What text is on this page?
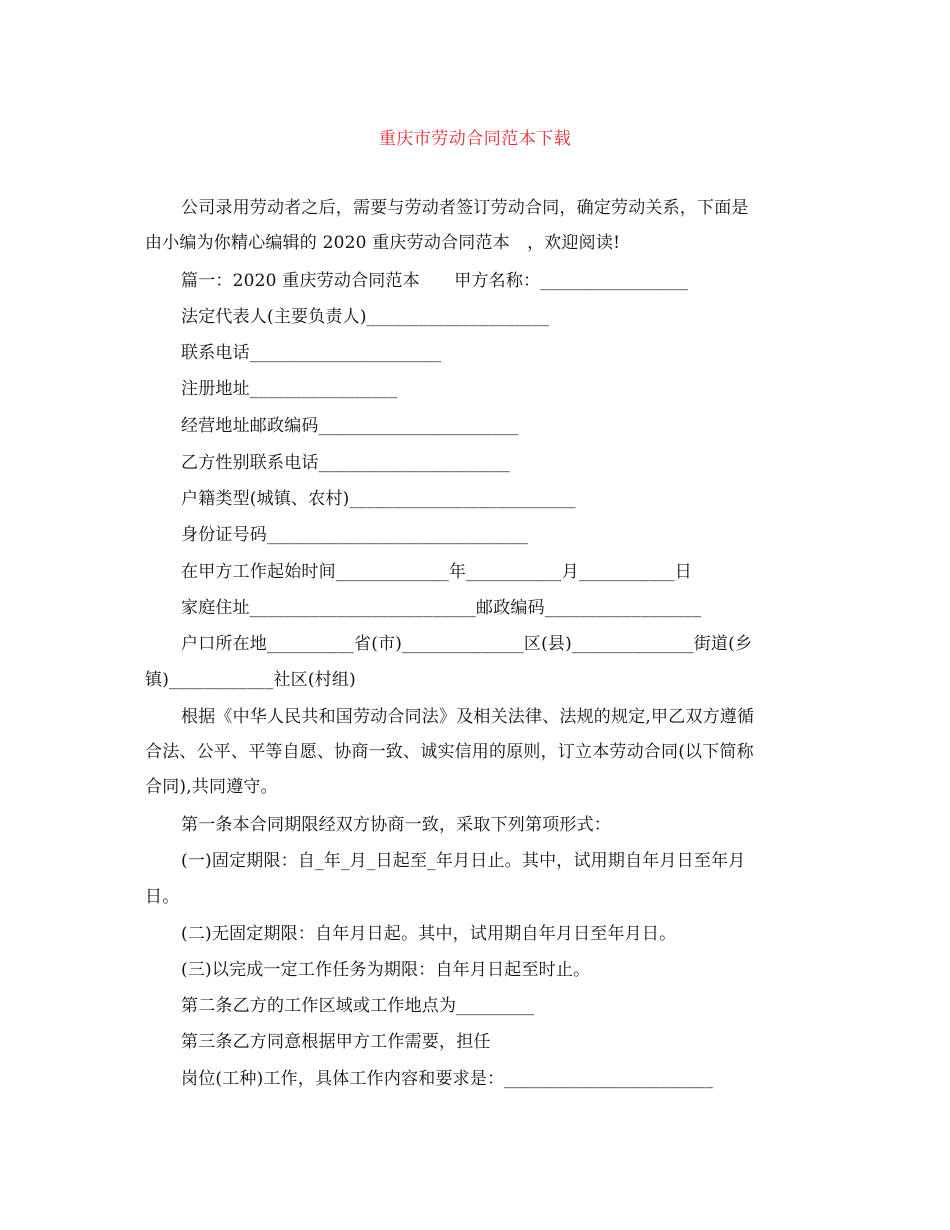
重庆市劳动合同范本下载
公司录用劳动者之后，需要与劳动者签订劳动合同，确定劳动关系，下面是
由小编为你精心编辑的 2020 重庆劳动合同范本　，欢迎阅读!
篇一：2020 重庆劳动合同范本　　甲方名称：_________________
法定代表人(主要负责人)_____________________
联系电话______________________
注册地址_________________
经营地址邮政编码_______________________
乙方性别联系电话______________________
户籍类型(城镇、农村)__________________________
身份证号码______________________________
在甲方工作起始时间_____________年___________月___________日
家庭住址__________________________邮政编码__________________
户口所在地__________省(市)______________区(县)______________街道(乡
镇)____________社区(村组)
根据《中华人民共和国劳动合同法》及相关法律、法规的规定,甲乙双方遵循
合法、公平、平等自愿、协商一致、诚实信用的原则，订立本劳动合同(以下简称
合同),共同遵守。
第一条本合同期限经双方协商一致，采取下列第项形式：
(一)固定期限：自_年_月_日起至_年月日止。其中，试用期自年月日至年月
日。
(二)无固定期限：自年月日起。其中，试用期自年月日至年月日。
(三)以完成一定工作任务为期限：自年月日起至时止。
第二条乙方的工作区域或工作地点为_________
第三条乙方同意根据甲方工作需要，担任
岗位(工种)工作，具体工作内容和要求是：________________________
